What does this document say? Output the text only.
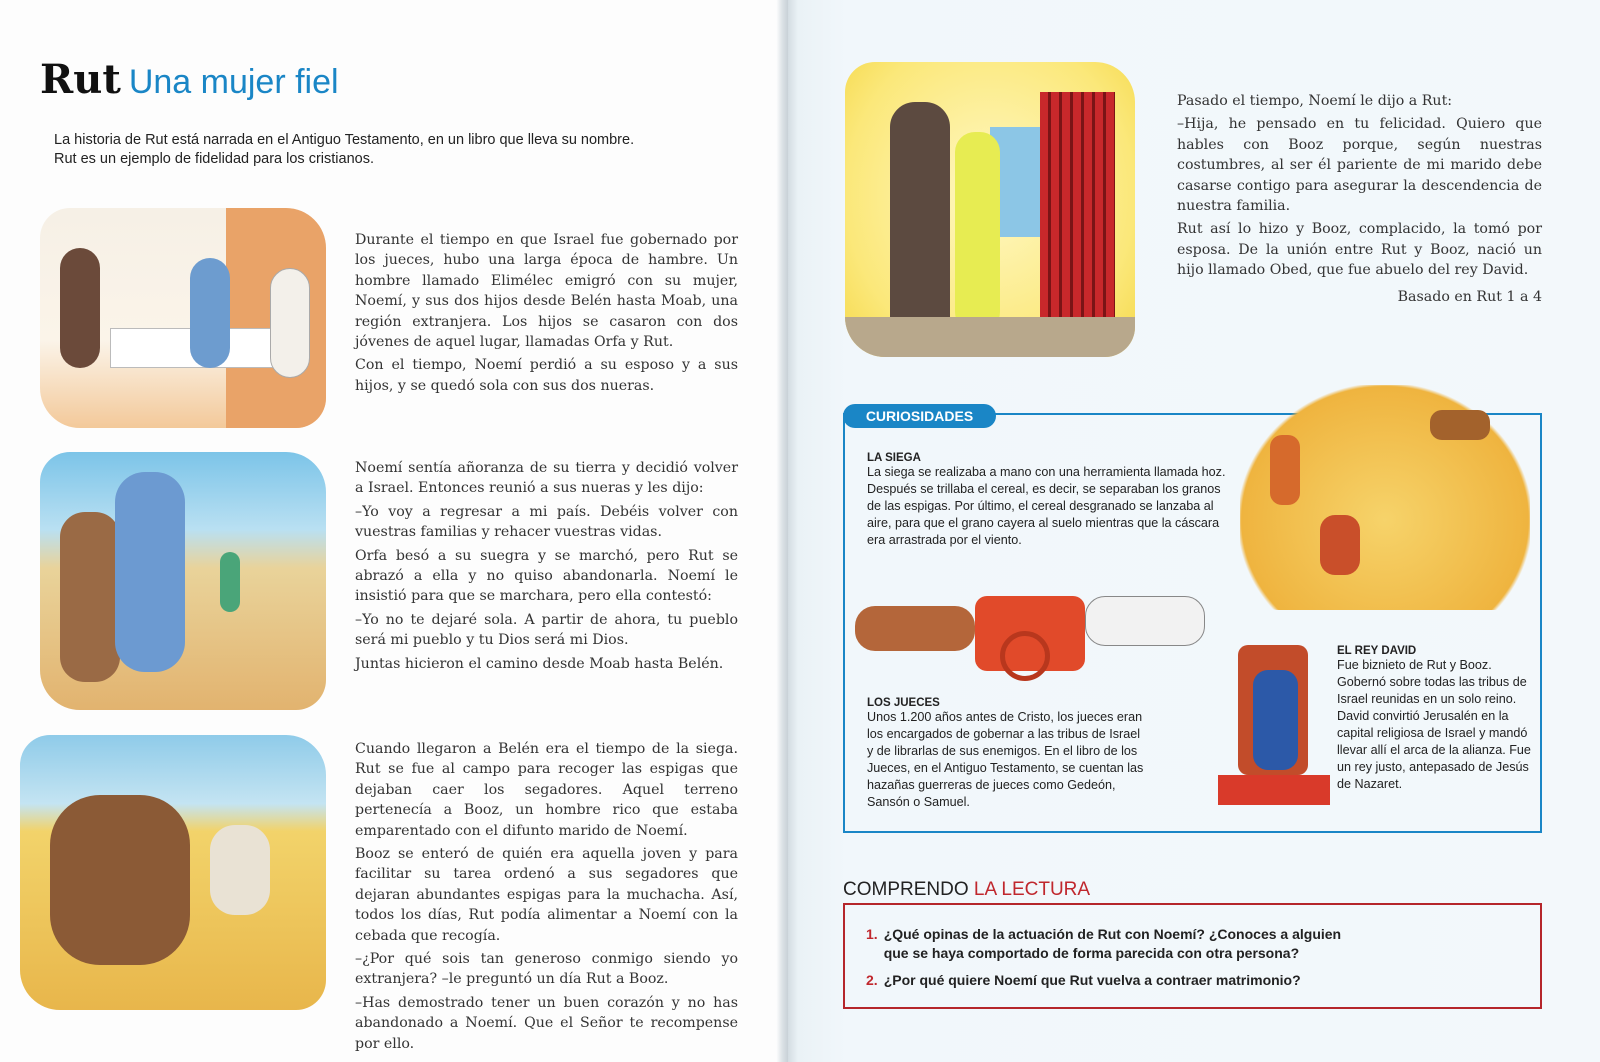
Rut Una mujer fiel
La historia de Rut está narrada en el Antiguo Testamento, en un libro que lleva su nombre.
Rut es un ejemplo de fidelidad para los cristianos.

Durante el tiempo en que Israel fue gobernado por los jueces, hubo una larga época de hambre. Un hombre llamado Elimélec emigró con su mujer, Noemí, y sus dos hijos desde Belén hasta Moab, una región extranjera. Los hijos se casaron con dos jóvenes de aquel lugar, llamadas Orfa y Rut.

Con el tiempo, Noemí perdió a su esposo y a sus hijos, y se quedó sola con sus dos nueras.

Noemí sentía añoranza de su tierra y decidió volver a Israel. Entonces reunió a sus nueras y les dijo:

–Yo voy a regresar a mi país. Debéis volver con vuestras familias y rehacer vuestras vidas.

Orfa besó a su suegra y se marchó, pero Rut se abrazó a ella y no quiso abandonarla. Noemí le insistió para que se marchara, pero ella contestó:

–Yo no te dejaré sola. A partir de ahora, tu pueblo será mi pueblo y tu Dios será mi Dios.

Juntas hicieron el camino desde Moab hasta Belén.

Cuando llegaron a Belén era el tiempo de la siega. Rut se fue al campo para recoger las espigas que dejaban caer los segadores. Aquel terreno pertenecía a Booz, un hombre rico que estaba emparentado con el difunto marido de Noemí.

Booz se enteró de quién era aquella joven y para facilitar su tarea ordenó a sus segadores que dejaran abundantes espigas para la muchacha. Así, todos los días, Rut podía alimentar a Noemí con la cebada que recogía.

–¿Por qué sois tan generoso conmigo siendo yo extranjera? –le preguntó un día Rut a Booz.

–Has demostrado tener un buen corazón y no has abandonado a Noemí. Que el Señor te recompense por ello.

Pasado el tiempo, Noemí le dijo a Rut:

–Hija, he pensado en tu felicidad. Quiero que hables con Booz porque, según nuestras costumbres, al ser él pariente de mi marido debe casarse contigo para asegurar la descendencia de nuestra familia.

Rut así lo hizo y Booz, complacido, la tomó por esposa. De la unión entre Rut y Booz, nació un hijo llamado Obed, que fue abuelo del rey David.

Basado en Rut 1 a 4

CURIOSIDADES
LA SIEGA
La siega se realizaba a mano con una herramienta llamada hoz. Después se trillaba el cereal, es decir, se separaban los granos de las espigas. Por último, el cereal desgranado se lanzaba al aire, para que el grano cayera al suelo mientras que la cáscara era arrastrada por el viento.
LOS JUECES
Unos 1.200 años antes de Cristo, los jueces eran los encargados de gobernar a las tribus de Israel y de librarlas de sus enemigos. En el libro de los Jueces, en el Antiguo Testamento, se cuentan las hazañas guerreras de jueces como Gedeón, Sansón o Samuel.
EL REY DAVID
Fue biznieto de Rut y Booz. Gobernó sobre todas las tribus de Israel reunidas en un solo reino. David convirtió Jerusalén en la capital religiosa de Israel y mandó llevar allí el arca de la alianza. Fue un rey justo, antepasado de Jesús de Nazaret.
COMPRENDO LA LECTURA
1. ¿Qué opinas de la actuación de Rut con Noemí? ¿Conoces a alguien que se haya comportado de forma parecida con otra persona?
2. ¿Por qué quiere Noemí que Rut vuelva a contraer matrimonio?
